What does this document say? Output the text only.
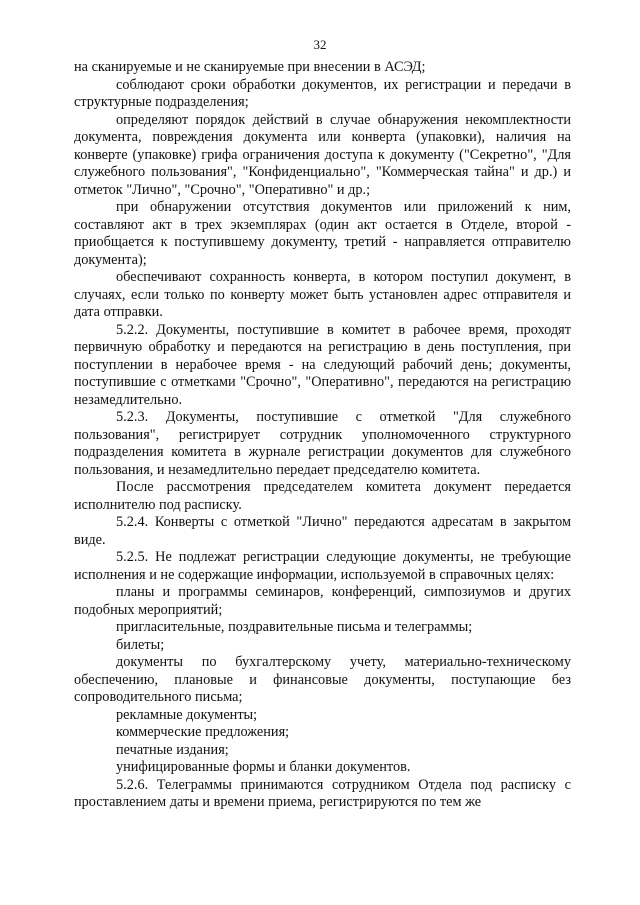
32

на сканируемые и не сканируемые при внесении в АСЭД;

соблюдают сроки обработки документов, их регистрации и передачи в структурные подразделения;

определяют порядок действий в случае обнаружения некомплектности документа, повреждения документа или конверта (упаковки), наличия на конверте (упаковке) грифа ограничения доступа к документу ("Секретно", "Для служебного пользования", "Конфиденциально", "Коммерческая тайна" и др.) и отметок "Лично", "Срочно", "Оперативно" и др.;

при обнаружении отсутствия документов или приложений к ним, составляют акт в трех экземплярах (один акт остается в Отделе, второй - приобщается к поступившему документу, третий - направляется отправителю документа);

обеспечивают сохранность конверта, в котором поступил документ, в случаях, если только по конверту может быть установлен адрес отправителя и дата отправки.

5.2.2. Документы, поступившие в комитет в рабочее время, проходят первичную обработку и передаются на регистрацию в день поступления, при поступлении в нерабочее время - на следующий рабочий день; документы, поступившие с отметками "Срочно", "Оперативно", передаются на регистрацию незамедлительно.

5.2.3. Документы, поступившие с отметкой "Для служебного пользования", регистрирует сотрудник уполномоченного структурного подразделения комитета в журнале регистрации документов для служебного пользования, и незамедлительно передает председателю комитета.

После рассмотрения председателем комитета документ передается исполнителю под расписку.

5.2.4. Конверты с отметкой "Лично" передаются адресатам в закрытом виде.

5.2.5. Не подлежат регистрации следующие документы, не требующие исполнения и не содержащие информации, используемой в справочных целях:

планы и программы семинаров, конференций, симпозиумов и других подобных мероприятий;

пригласительные, поздравительные письма и телеграммы;

билеты;

документы по бухгалтерскому учету, материально-техническому обеспечению, плановые и финансовые документы, поступающие без сопроводительного письма;

рекламные документы;

коммерческие предложения;

печатные издания;

унифицированные формы и бланки документов.

5.2.6. Телеграммы принимаются сотрудником Отдела под расписку с проставлением даты и времени приема, регистрируются по тем же
